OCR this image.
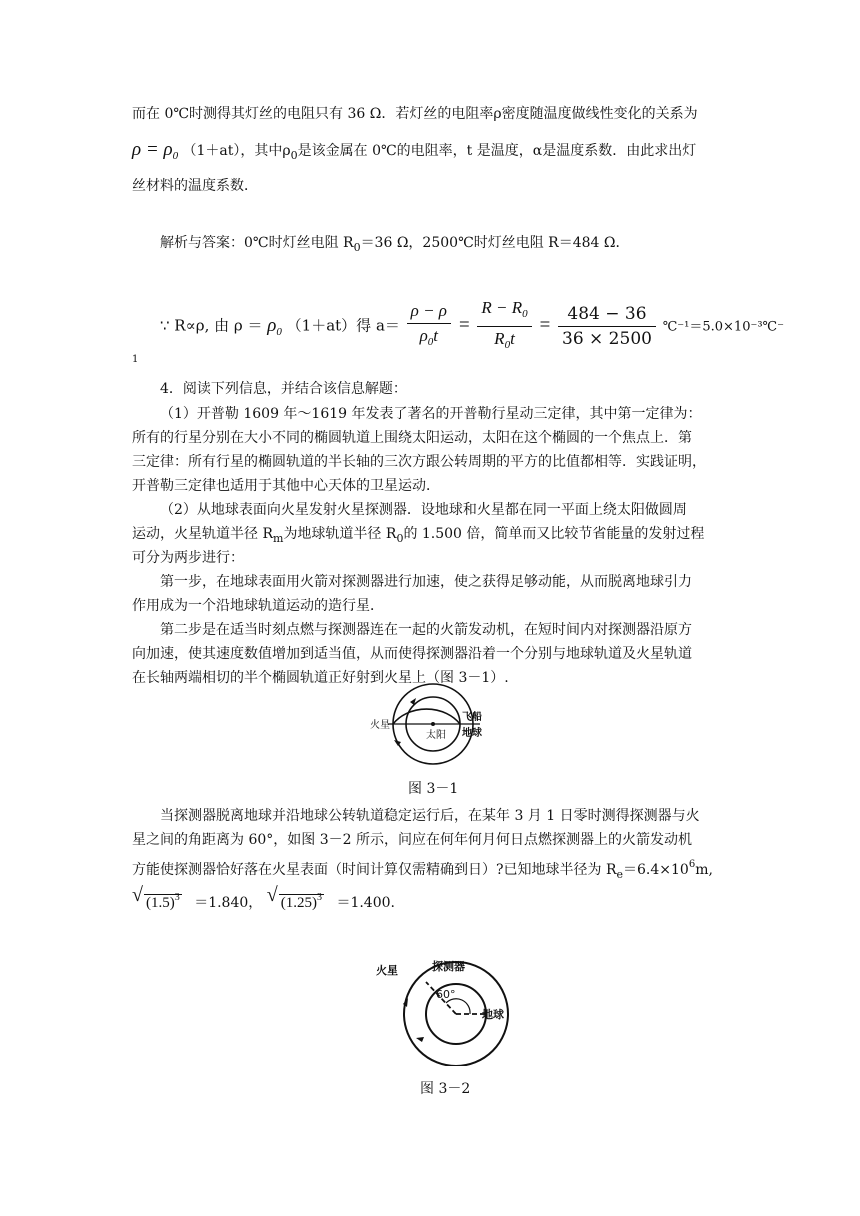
而在 0℃时测得其灯丝的电阻只有 36 Ω．若灯丝的电阻率ρ密度随温度做线性变化的关系为
$\rho = \rho_0$ （1＋at），其中$\rho_0$是该金属在 0℃的电阻率，t 是温度，α是温度系数．由此求出灯
丝材料的温度系数．
解析与答案：0℃时灯丝电阻 $R_0=36$ Ω，2500℃时灯丝电阻 R＝484 Ω．
∵ R∝ρ, 由 $\rho = \rho_0$ （1＋at）得 $a= \frac{\rho - \rho}{\rho_0t} = \frac{R - R_0}{R_0t} = \frac{484 - 36}{36 \times 2500}$ ℃⁻¹＝5.0×10⁻³℃⁻
1
4．阅读下列信息，并结合该信息解题：
（1）开普勒 1609 年～1619 年发表了著名的开普勒行星动三定律，其中第一定律为：
所有的行星分别在大小不同的椭圆轨道上围绕太阳运动，太阳在这个椭圆的一个焦点上．第
三定律：所有行星的椭圆轨道的半长轴的三次方跟公转周期的平方的比值都相等．实践证明，
开普勒三定律也适用于其他中心天体的卫星运动．
（2）从地球表面向火星发射火星探测器．设地球和火星都在同一平面上绕太阳做圆周
运动，火星轨道半径 $R_m$为地球轨道半径 $R_0$的 1.500 倍，简单而又比较节省能量的发射过程
可分为两步进行：
第一步，在地球表面用火箭对探测器进行加速，使之获得足够动能，从而脱离地球引力
作用成为一个沿地球轨道运动的造行星．
第二步是在适当时刻点燃与探测器连在一起的火箭发动机，在短时间内对探测器沿原方
向加速，使其速度数值增加到适当值，从而使得探测器沿着一个分别与地球轨道及火星轨道
在长轴两端相切的半个椭圆轨道正好射到火星上（图 3－1）.
火星
飞船
太阳 地球
图 3－1
当探测器脱离地球并沿地球公转轨道稳定运行后，在某年 3 月 1 日零时测得探测器与火
星之间的角距离为 60°，如图 3－2 所示，问应在何年何月何日点燃探测器上的火箭发动机
方能使探测器恰好落在火星表面（时间计算仅需精确到日）?已知地球半径为 $R_e=6.4\times 10^6m$,
√ $(1.5)^3 =1.840$， √ $(1.25)^3 =1.400$.
火星	探测器
60°
地球
图 3－2
